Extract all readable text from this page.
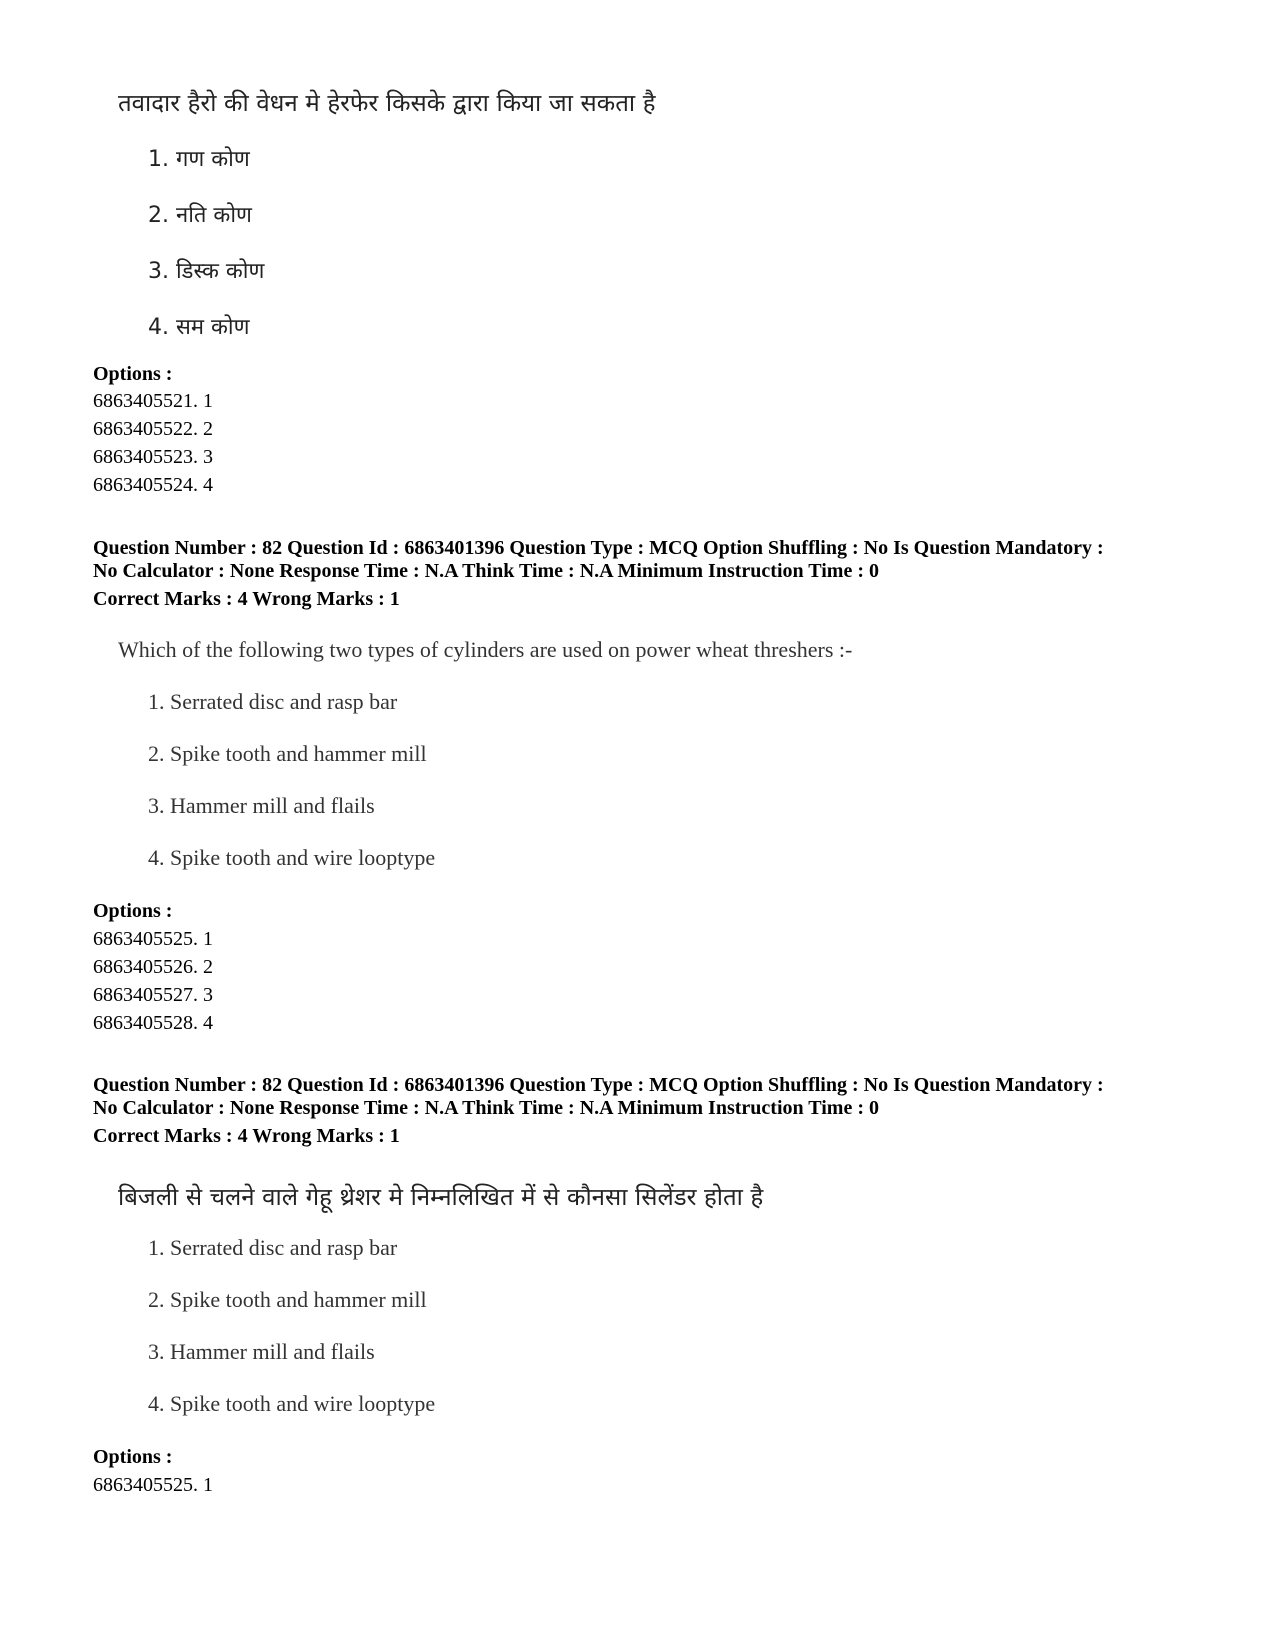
तवादार हैरो की वेधन मे हेरफेर किसके द्वारा किया जा सकता है
1. गण कोण
2. नति कोण
3. डिस्क कोण
4. सम कोण
Options :
6863405521. 1
6863405522. 2
6863405523. 3
6863405524. 4
Question Number : 82 Question Id : 6863401396 Question Type : MCQ Option Shuffling : No Is Question Mandatory :
No Calculator : None Response Time : N.A Think Time : N.A Minimum Instruction Time : 0
Correct Marks : 4 Wrong Marks : 1
Which of the following two types of cylinders are used on power wheat threshers :-
1. Serrated disc and rasp bar
2. Spike tooth and hammer mill
3. Hammer mill and flails
4. Spike tooth and wire looptype
Options :
6863405525. 1
6863405526. 2
6863405527. 3
6863405528. 4
Question Number : 82 Question Id : 6863401396 Question Type : MCQ Option Shuffling : No Is Question Mandatory :
No Calculator : None Response Time : N.A Think Time : N.A Minimum Instruction Time : 0
Correct Marks : 4 Wrong Marks : 1
बिजली से चलने वाले गेहू थ्रेशर मे निम्नलिखित में से कौनसा सिलेंडर होता है
1. Serrated disc and rasp bar
2. Spike tooth and hammer mill
3. Hammer mill and flails
4. Spike tooth and wire looptype
Options :
6863405525. 1
